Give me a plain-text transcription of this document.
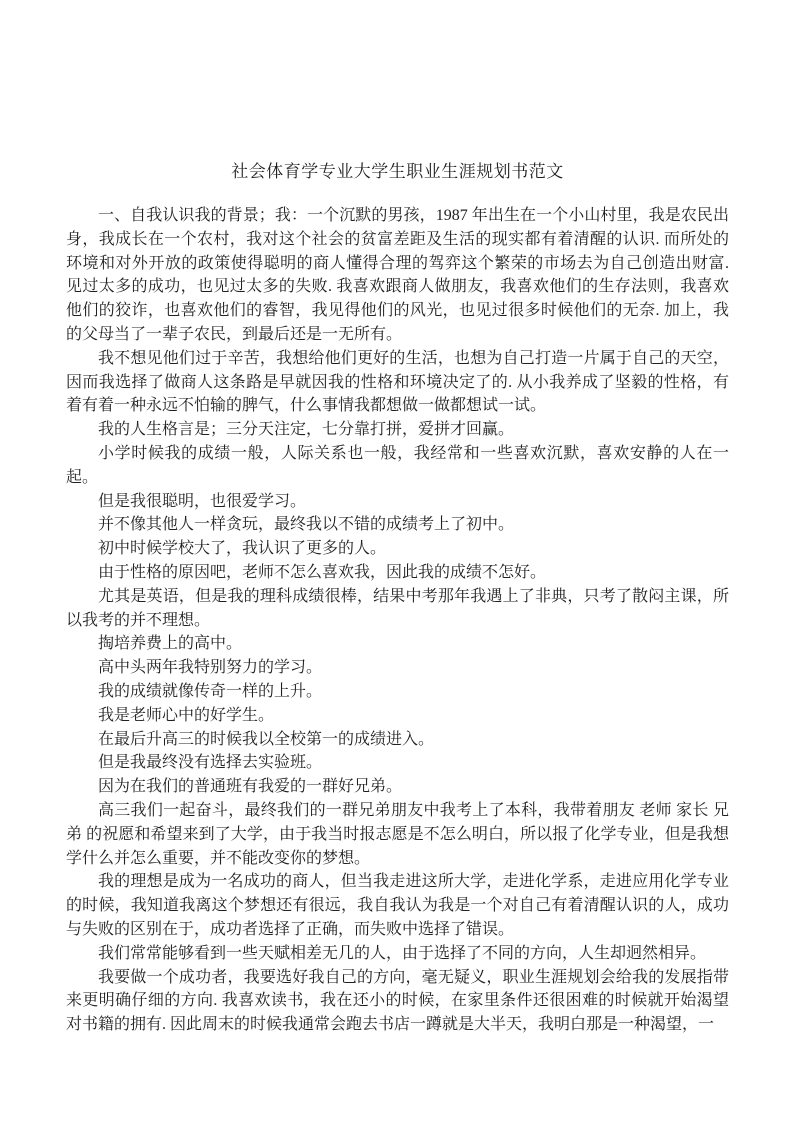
社会体育学专业大学生职业生涯规划书范文

一、自我认识我的背景；我：一个沉默的男孩，1987 年出生在一个小山村里，我是农民出身，我成长在一个农村，我对这个社会的贫富差距及生活的现实都有着清醒的认识. 而所处的环境和对外开放的政策使得聪明的商人懂得合理的驾弈这个繁荣的市场去为自己创造出财富. 见过太多的成功，也见过太多的失败. 我喜欢跟商人做朋友，我喜欢他们的生存法则，我喜欢他们的狡诈，也喜欢他们的睿智，我见得他们的风光，也见过很多时候他们的无奈. 加上，我的父母当了一辈子农民，到最后还是一无所有。

我不想见他们过于辛苦，我想给他们更好的生活，也想为自己打造一片属于自己的天空，因而我选择了做商人这条路是早就因我的性格和环境决定了的. 从小我养成了坚毅的性格，有着有着一种永远不怕输的脾气，什么事情我都想做一做都想试一试。

我的人生格言是；三分天注定，七分靠打拼，爱拼才回赢。

小学时候我的成绩一般，人际关系也一般，我经常和一些喜欢沉默，喜欢安静的人在一起。

但是我很聪明，也很爱学习。

并不像其他人一样贪玩，最终我以不错的成绩考上了初中。

初中时候学校大了，我认识了更多的人。

由于性格的原因吧，老师不怎么喜欢我，因此我的成绩不怎好。

尤其是英语，但是我的理科成绩很棒，结果中考那年我遇上了非典，只考了散闷主课，所以我考的并不理想。

掏培养费上的高中。

高中头两年我特别努力的学习。

我的成绩就像传奇一样的上升。

我是老师心中的好学生。

在最后升高三的时候我以全校第一的成绩进入。

但是我最终没有选择去实验班。

因为在我们的普通班有我爱的一群好兄弟。

高三我们一起奋斗，最终我们的一群兄弟朋友中我考上了本科，我带着朋友 老师 家长 兄弟 的祝愿和希望来到了大学，由于我当时报志愿是不怎么明白，所以报了化学专业，但是我想学什么并怎么重要，并不能改变你的梦想。

我的理想是成为一名成功的商人，但当我走进这所大学，走进化学系，走进应用化学专业的时候，我知道我离这个梦想还有很远，我自我认为我是一个对自己有着清醒认识的人，成功与失败的区别在于，成功者选择了正确，而失败中选择了错误。

我们常常能够看到一些天赋相差无几的人，由于选择了不同的方向，人生却迥然相异。

我要做一个成功者，我要选好我自己的方向，毫无疑义，职业生涯规划会给我的发展指带来更明确仔细的方向. 我喜欢读书，我在还小的时候，在家里条件还很困难的时候就开始渴望对书籍的拥有. 因此周末的时候我通常会跑去书店一蹲就是大半天，我明白那是一种渴望，一
